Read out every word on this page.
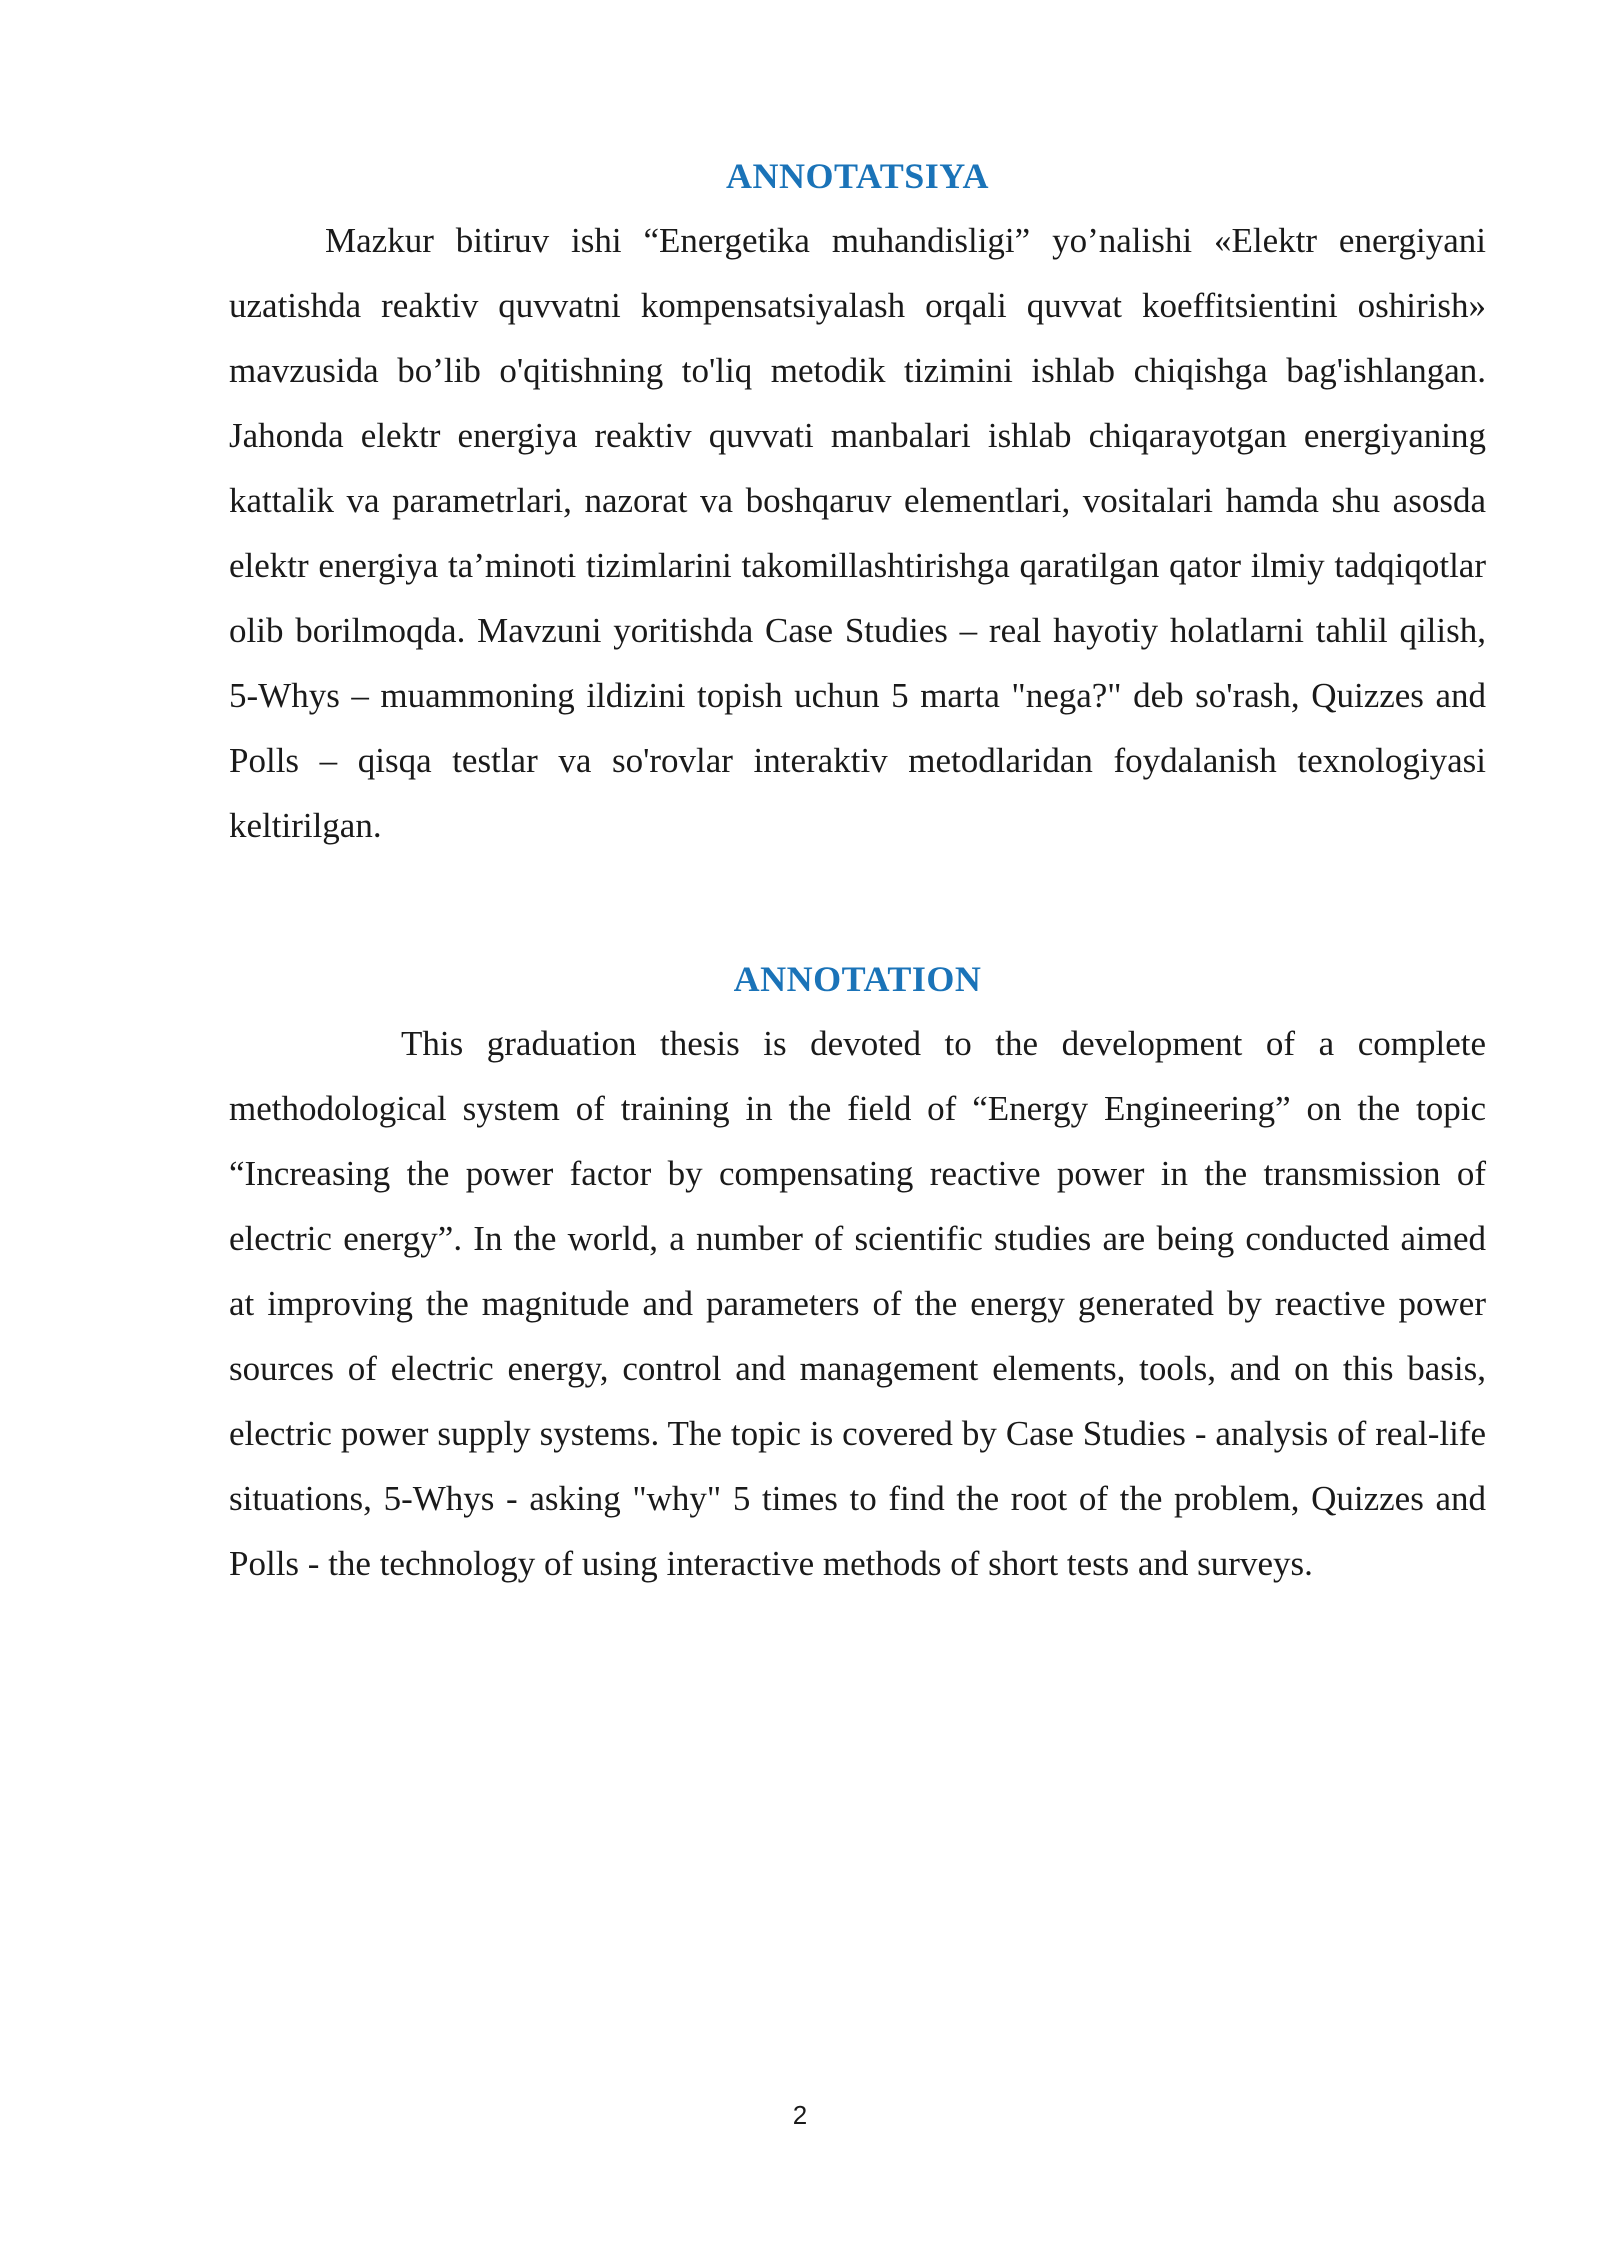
ANNOTATSIYA

Mazkur bitiruv ishi “Energetika muhandisligi” yo’nalishi «Elektr energiyani uzatishda reaktiv quvvatni kompensatsiyalash orqali quvvat koeffitsientini oshirish» mavzusida bo’lib o'qitishning to'liq metodik tizimini ishlab chiqishga bag'ishlangan. Jahonda elektr energiya reaktiv quvvati manbalari ishlab chiqarayotgan energiyaning kattalik va parametrlari, nazorat va boshqaruv elementlari, vositalari hamda shu asosda elektr energiya ta’minoti tizimlarini takomillashtirishga qaratilgan qator ilmiy tadqiqotlar olib borilmoqda. Mavzuni yoritishda Case Studies – real hayotiy holatlarni tahlil qilish, 5-Whys – muammoning ildizini topish uchun 5 marta "nega?" deb so'rash, Quizzes and Polls – qisqa testlar va so'rovlar interaktiv metodlaridan foydalanish texnologiyasi keltirilgan.

ANNOTATION

This graduation thesis is devoted to the development of a complete methodological system of training in the field of “Energy Engineering” on the topic “Increasing the power factor by compensating reactive power in the transmission of electric energy”. In the world, a number of scientific studies are being conducted aimed at improving the magnitude and parameters of the energy generated by reactive power sources of electric energy, control and management elements, tools, and on this basis, electric power supply systems. The topic is covered by Case Studies - analysis of real-life situations, 5-Whys - asking "why" 5 times to find the root of the problem, Quizzes and Polls - the technology of using interactive methods of short tests and surveys.

2
